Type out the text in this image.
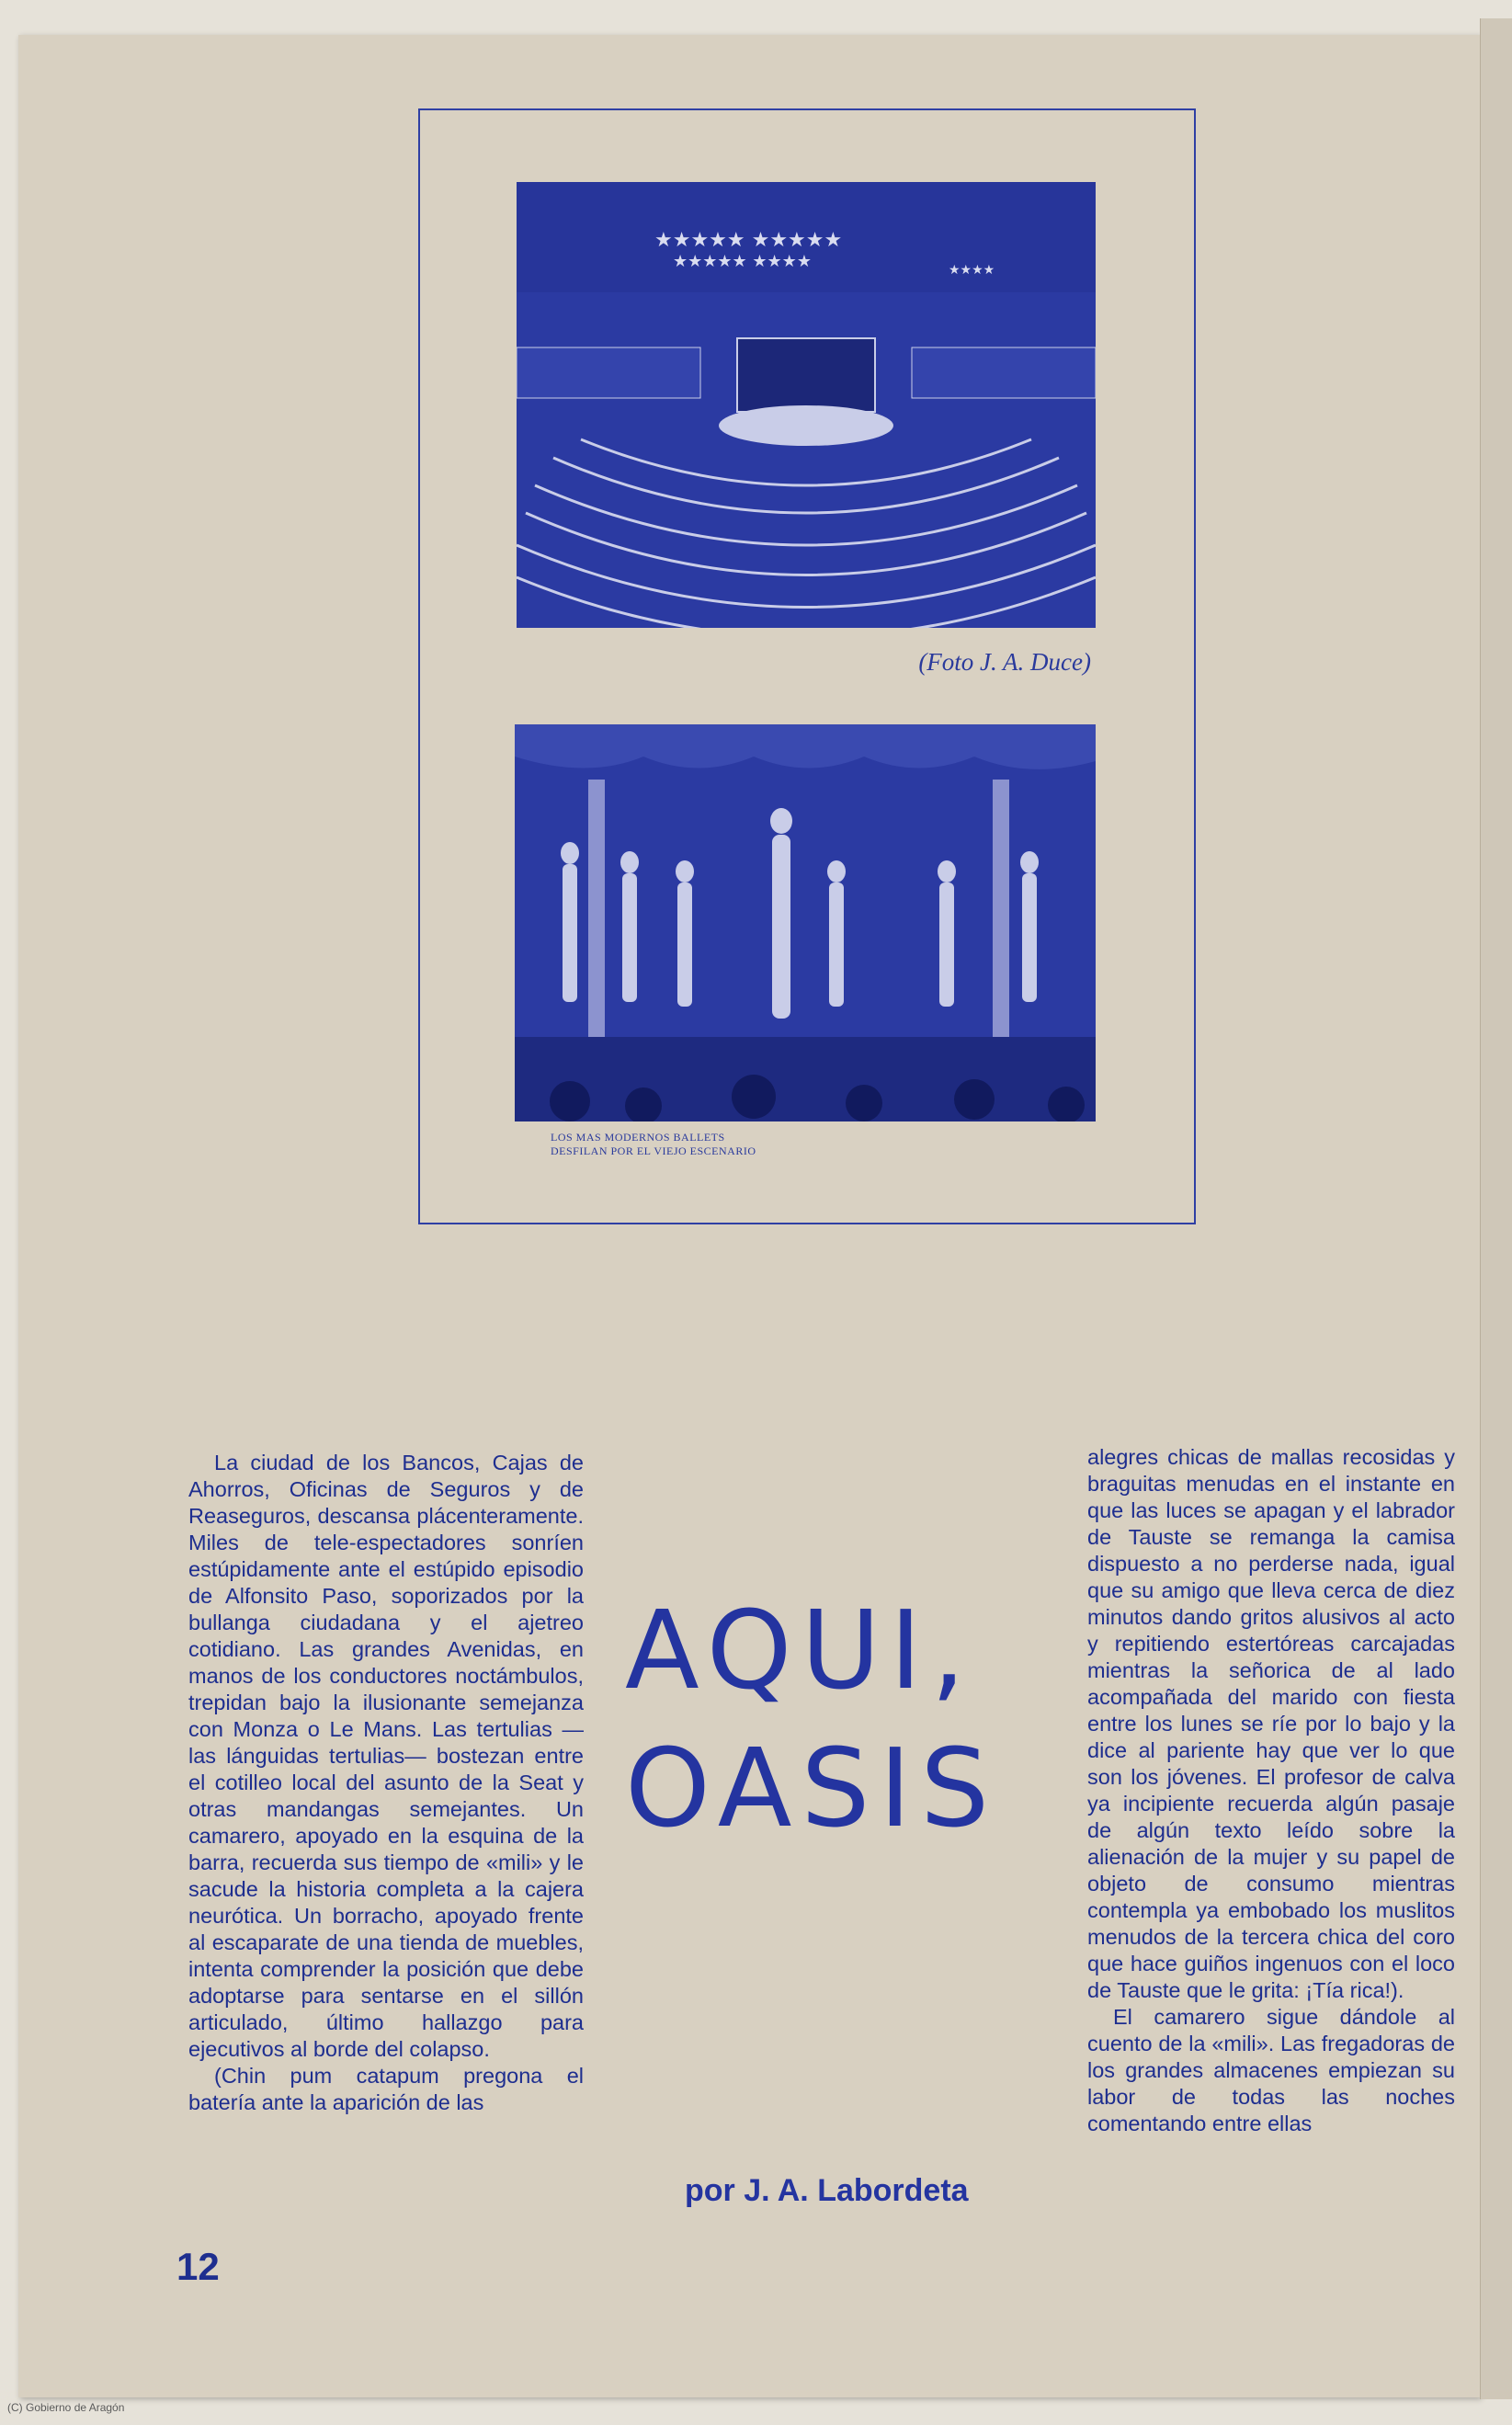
★★★★★ ★★★★★
★★★★★ ★★★★	★★★★
(Foto J. A. Duce)
LOS MAS MODERNOS BALLETS
DESFILAN POR EL VIEJO ESCENARIO

La ciudad de los Bancos, Cajas de Ahorros, Oficinas de Seguros y de Reaseguros, descansa plácenteramente. Miles de tele-espectadores sonríen estúpidamente ante el estúpido episodio de Alfonsito Paso, soporizados por la bullanga ciudadana y el ajetreo cotidiano. Las grandes Avenidas, en manos de los conductores noctámbulos, trepidan bajo la ilusionante semejanza con Monza o Le Mans. Las tertulias —las lánguidas tertulias— bostezan entre el cotilleo local del asunto de la Seat y otras mandangas semejantes. Un camarero, apoyado en la esquina de la barra, recuerda sus tiempo de «mili» y le sacude la historia completa a la cajera neurótica. Un borracho, apoyado frente al escaparate de una tienda de muebles, intenta comprender la posición que debe adoptarse para sentarse en el sillón articulado, último hallazgo para ejecutivos al borde del colapso.

(Chin pum catapum pregona el batería ante la aparición de las

AQUI,
OASIS
por J. A. Labordeta

alegres chicas de mallas recosidas y braguitas menudas en el instante en que las luces se apagan y el labrador de Tauste se remanga la camisa dispuesto a no perderse nada, igual que su amigo que lleva cerca de diez minutos dando gritos alusivos al acto y repitiendo estertóreas carcajadas mientras la señorica de al lado acompañada del marido con fiesta entre los lunes se ríe por lo bajo y la dice al pariente hay que ver lo que son los jóvenes. El profesor de calva ya incipiente recuerda algún pasaje de algún texto leído sobre la alienación de la mujer y su papel de objeto de consumo mientras contempla ya embobado los muslitos menudos de la tercera chica del coro que hace guiños ingenuos con el loco de Tauste que le grita: ¡Tía rica!).

El camarero sigue dándole al cuento de la «mili». Las fregadoras de los grandes almacenes empiezan su labor de todas las noches comentando entre ellas

12
(C) Gobierno de Aragón
